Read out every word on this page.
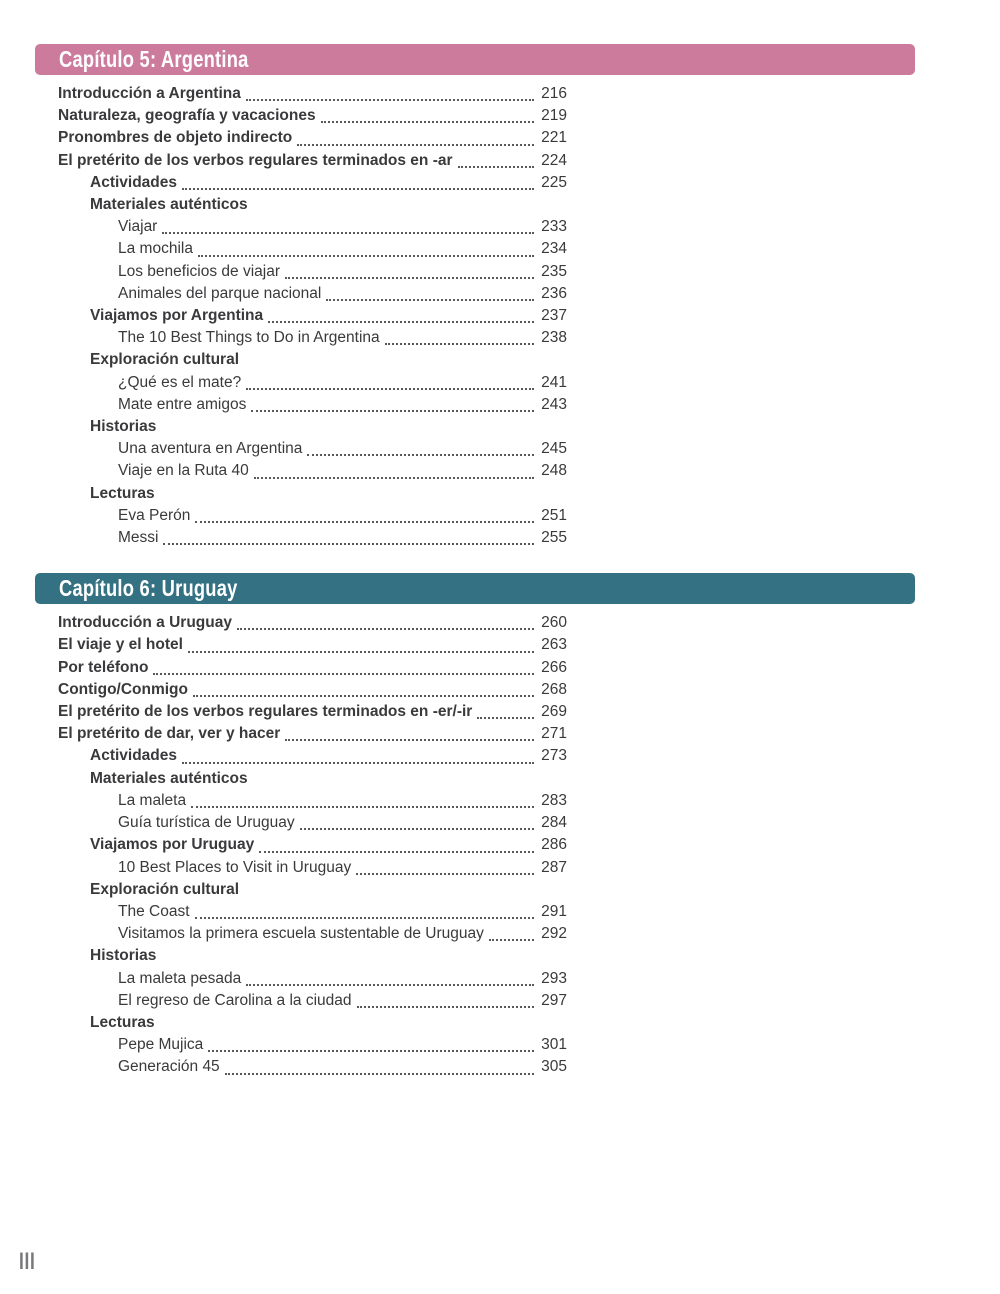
Capítulo 5: Argentina
Introducción a Argentina	216
Naturaleza, geografía y vacaciones	219
Pronombres de objeto indirecto	221
El pretérito de los verbos regulares terminados en -ar	224
Actividades	225
Materiales auténticos
Viajar	233
La mochila	234
Los beneficios de viajar	235
Animales del parque nacional	236
Viajamos por Argentina	237
The 10 Best Things to Do in Argentina	238
Exploración cultural
¿Qué es el mate?	241
Mate entre amigos	243
Historias
Una aventura en Argentina	245
Viaje en la Ruta 40	248
Lecturas
Eva Perón	251
Messi	255
Capítulo 6: Uruguay
Introducción a Uruguay	260
El viaje y el hotel	263
Por teléfono	266
Contigo/Conmigo	268
El pretérito de los verbos regulares terminados en -er/-ir	269
El pretérito de dar, ver y hacer	271
Actividades	273
Materiales auténticos
La maleta	283
Guía turística de Uruguay	284
Viajamos por Uruguay	286
10 Best Places to Visit in Uruguay	287
Exploración cultural
The Coast	291
Visitamos la primera escuela sustentable de Uruguay	292
Historias
La maleta pesada	293
El regreso de Carolina a la ciudad	297
Lecturas
Pepe Mujica	301
Generación 45	305
III
